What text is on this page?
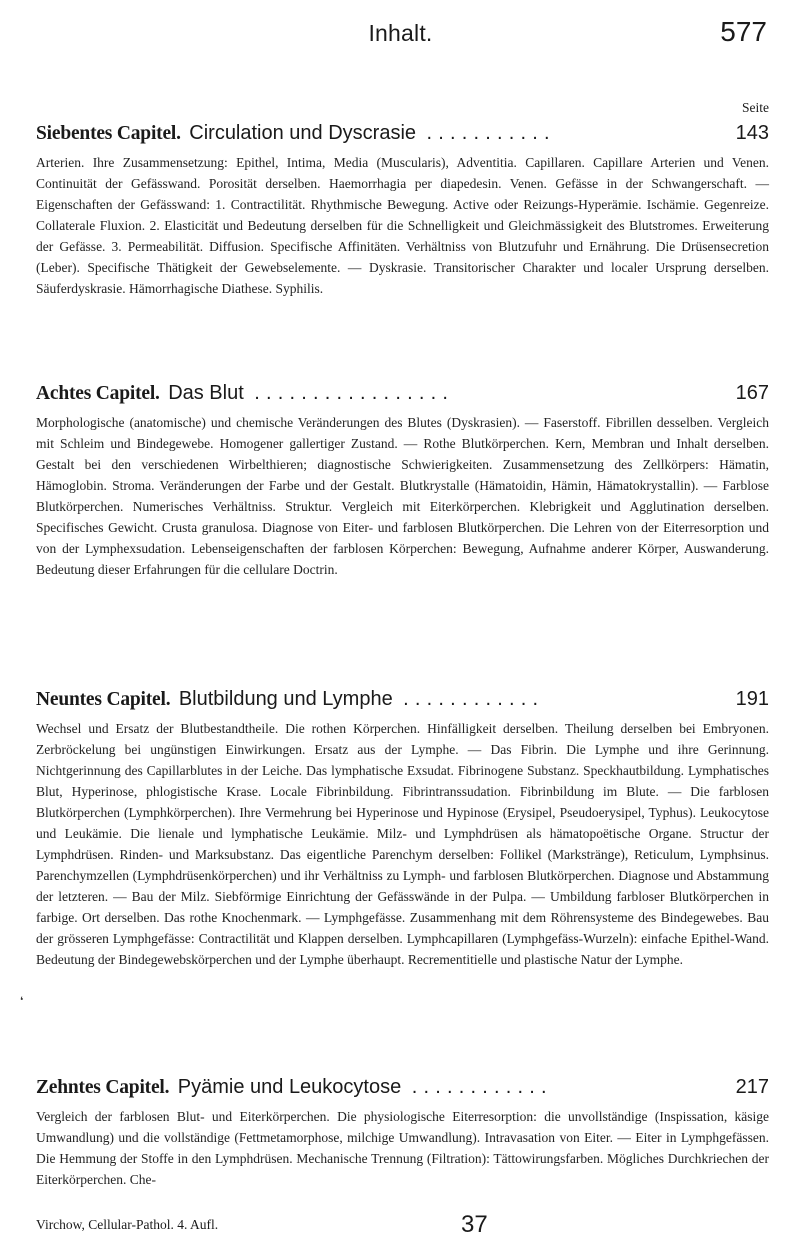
Inhalt.	577
Seite
Siebentes Capitel. Circulation und Dyscrasie ...........	143

Arterien. Ihre Zusammensetzung: Epithel, Intima, Media (Muscularis), Adventitia. Capillaren. Capillare Arterien und Venen. Continuität der Gefässwand. Porosität derselben. Haemorrhagia per diapedesin. Venen. Gefässe in der Schwangerschaft. — Eigenschaften der Gefässwand: 1. Contractilität. Rhythmische Bewegung. Active oder Reizungs-Hyperämie. Ischämie. Gegenreize. Collaterale Fluxion. 2. Elasticität und Bedeutung derselben für die Schnelligkeit und Gleichmässigkeit des Blutstromes. Erweiterung der Gefässe. 3. Permeabilität. Diffusion. Specifische Affinitäten. Verhältniss von Blutzufuhr und Ernährung. Die Drüsensecretion (Leber). Specifische Thätigkeit der Gewebselemente. — Dyskrasie. Transitorischer Charakter und localer Ursprung derselben. Säuferdyskrasie. Hämorrhagische Diathese. Syphilis.

Achtes Capitel. Das Blut .................	167

Morphologische (anatomische) und chemische Veränderungen des Blutes (Dyskrasien). — Faserstoff. Fibrillen desselben. Vergleich mit Schleim und Bindegewebe. Homogener gallertiger Zustand. — Rothe Blutkörperchen. Kern, Membran und Inhalt derselben. Gestalt bei den verschiedenen Wirbelthieren; diagnostische Schwierigkeiten. Zusammensetzung des Zellkörpers: Hämatin, Hämoglobin. Stroma. Veränderungen der Farbe und der Gestalt. Blutkrystalle (Hämatoidin, Hämin, Hämatokrystallin). — Farblose Blutkörperchen. Numerisches Verhältniss. Struktur. Vergleich mit Eiterkörperchen. Klebrigkeit und Agglutination derselben. Specifisches Gewicht. Crusta granulosa. Diagnose von Eiter- und farblosen Blutkörperchen. Die Lehren von der Eiterresorption und von der Lymphexsudation. Lebenseigenschaften der farblosen Körperchen: Bewegung, Aufnahme anderer Körper, Auswanderung. Bedeutung dieser Erfahrungen für die cellulare Doctrin.

Neuntes Capitel. Blutbildung und Lymphe ............	191

Wechsel und Ersatz der Blutbestandtheile. Die rothen Körperchen. Hinfälligkeit derselben. Theilung derselben bei Embryonen. Zerbröckelung bei ungünstigen Einwirkungen. Ersatz aus der Lymphe. — Das Fibrin. Die Lymphe und ihre Gerinnung. Nichtgerinnung des Capillarblutes in der Leiche. Das lymphatische Exsudat. Fibrinogene Substanz. Speckhautbildung. Lymphatisches Blut, Hyperinose, phlogistische Krase. Locale Fibrinbildung. Fibrintranssudation. Fibrinbildung im Blute. — Die farblosen Blutkörperchen (Lymphkörperchen). Ihre Vermehrung bei Hyperinose und Hypinose (Erysipel, Pseudoerysipel, Typhus). Leukocytose und Leukämie. Die lienale und lymphatische Leukämie. Milz- und Lymphdrüsen als hämatopoëtische Organe. Structur der Lymphdrüsen. Rinden- und Marksubstanz. Das eigentliche Parenchym derselben: Follikel (Markstränge), Reticulum, Lymphsinus. Parenchymzellen (Lymphdrüsenkörperchen) und ihr Verhältniss zu Lymph- und farblosen Blutkörperchen. Diagnose und Abstammung der letzteren. — Bau der Milz. Siebförmige Einrichtung der Gefässwände in der Pulpa. — Umbildung farbloser Blutkörperchen in farbige. Ort derselben. Das rothe Knochenmark. — Lymphgefässe. Zusammenhang mit dem Röhrensysteme des Bindegewebes. Bau der grösseren Lymphgefässe: Contractilität und Klappen derselben. Lymphcapillaren (Lymphgefäss-Wurzeln): einfache Epithel-Wand. Bedeutung der Bindegewebskörperchen und der Lymphe überhaupt. Recrementitielle und plastische Natur der Lymphe.

❛
Zehntes Capitel. Pyämie und Leukocytose ............	217

Vergleich der farblosen Blut- und Eiterkörperchen. Die physiologische Eiterresorption: die unvollständige (Inspissation, käsige Umwandlung) und die vollständige (Fettmetamorphose, milchige Umwandlung). Intravasation von Eiter. — Eiter in Lymphgefässen. Die Hemmung der Stoffe in den Lymphdrüsen. Mechanische Trennung (Filtration): Tättowirungsfarben. Mögliches Durchkriechen der Eiterkörperchen. Che-

Virchow, Cellular-Pathol. 4. Aufl.	37
